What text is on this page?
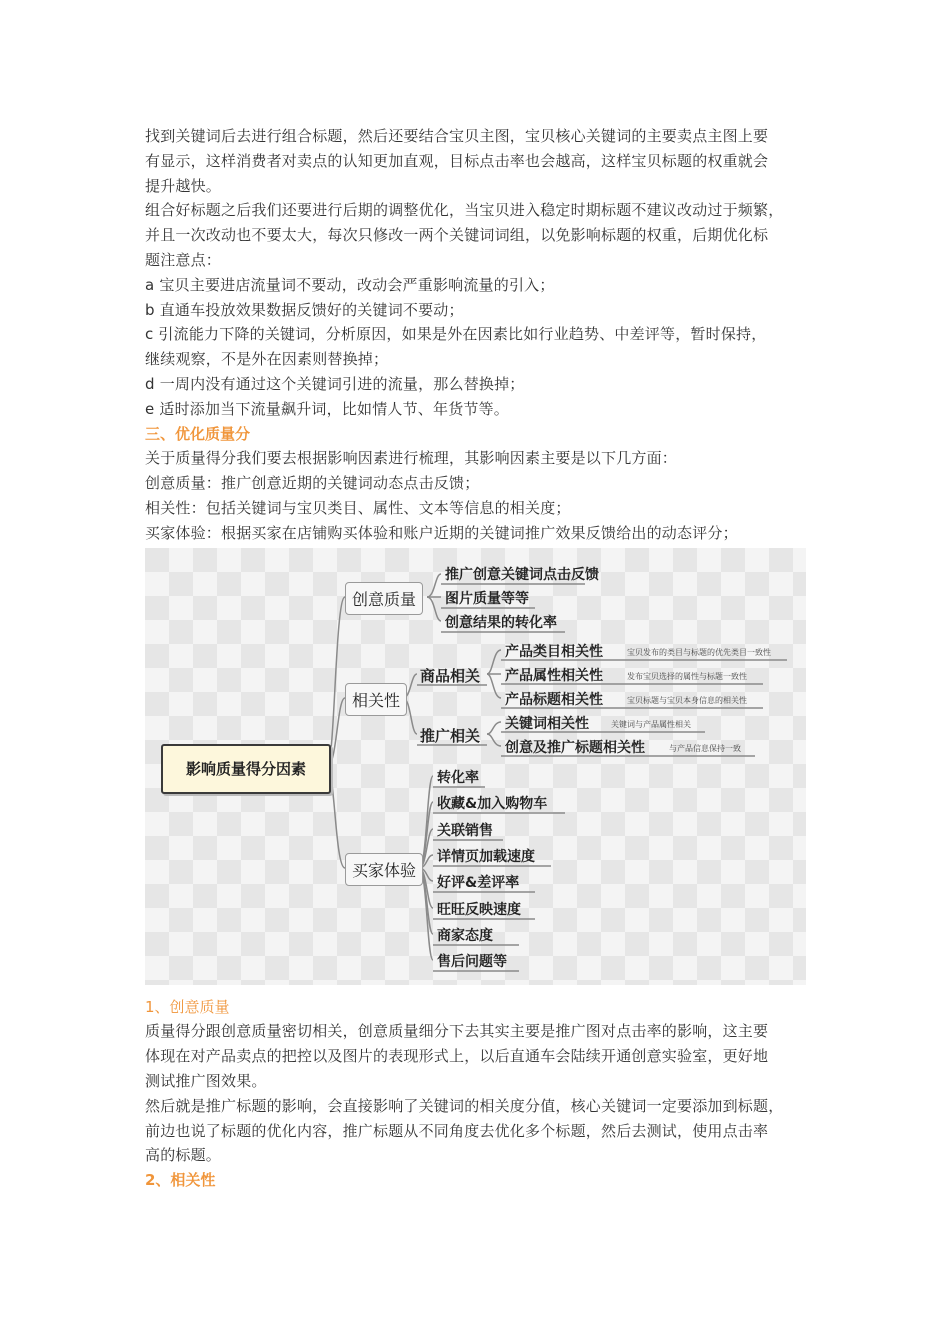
找到关键词后去进行组合标题，然后还要结合宝贝主图，宝贝核心关键词的主要卖点主图上要

有显示，这样消费者对卖点的认知更加直观，目标点击率也会越高，这样宝贝标题的权重就会

提升越快。

组合好标题之后我们还要进行后期的调整优化，当宝贝进入稳定时期标题不建议改动过于频繁，

并且一次改动也不要太大，每次只修改一两个关键词词组，以免影响标题的权重，后期优化标

题注意点：

a 宝贝主要进店流量词不要动，改动会严重影响流量的引入；

b 直通车投放效果数据反馈好的关键词不要动；

c 引流能力下降的关键词，分析原因，如果是外在因素比如行业趋势、中差评等，暂时保持，

继续观察，不是外在因素则替换掉；

d 一周内没有通过这个关键词引进的流量，那么替换掉；

e 适时添加当下流量飙升词，比如情人节、年货节等。

三、优化质量分

关于质量得分我们要去根据影响因素进行梳理，其影响因素主要是以下几方面：

创意质量：推广创意近期的关键词动态点击反馈；

相关性：包括关键词与宝贝类目、属性、文本等信息的相关度；

买家体验：根据买家在店铺购买体验和账户近期的关键词推广效果反馈给出的动态评分；

影响质量得分因素
创意质量
推广创意关键词点击反馈
图片质量等等
创意结果的转化率
相关性
商品相关
推广相关
产品类目相关性	宝贝发布的类目与标题的优先类目一致性
产品属性相关性	发布宝贝选择的属性与标题一致性
产品标题相关性	宝贝标题与宝贝本身信息的相关性
关键词相关性	关键词与产品属性相关
创意及推广标题相关性	与产品信息保持一致
买家体验
转化率
收藏&加入购物车
关联销售
详情页加载速度
好评&差评率
旺旺反映速度
商家态度
售后问题等

1、创意质量

质量得分跟创意质量密切相关，创意质量细分下去其实主要是推广图对点击率的影响，这主要

体现在对产品卖点的把控以及图片的表现形式上，以后直通车会陆续开通创意实验室，更好地

测试推广图效果。

然后就是推广标题的影响，会直接影响了关键词的相关度分值，核心关键词一定要添加到标题，

前边也说了标题的优化内容，推广标题从不同角度去优化多个标题，然后去测试，使用点击率

高的标题。

2、相关性
